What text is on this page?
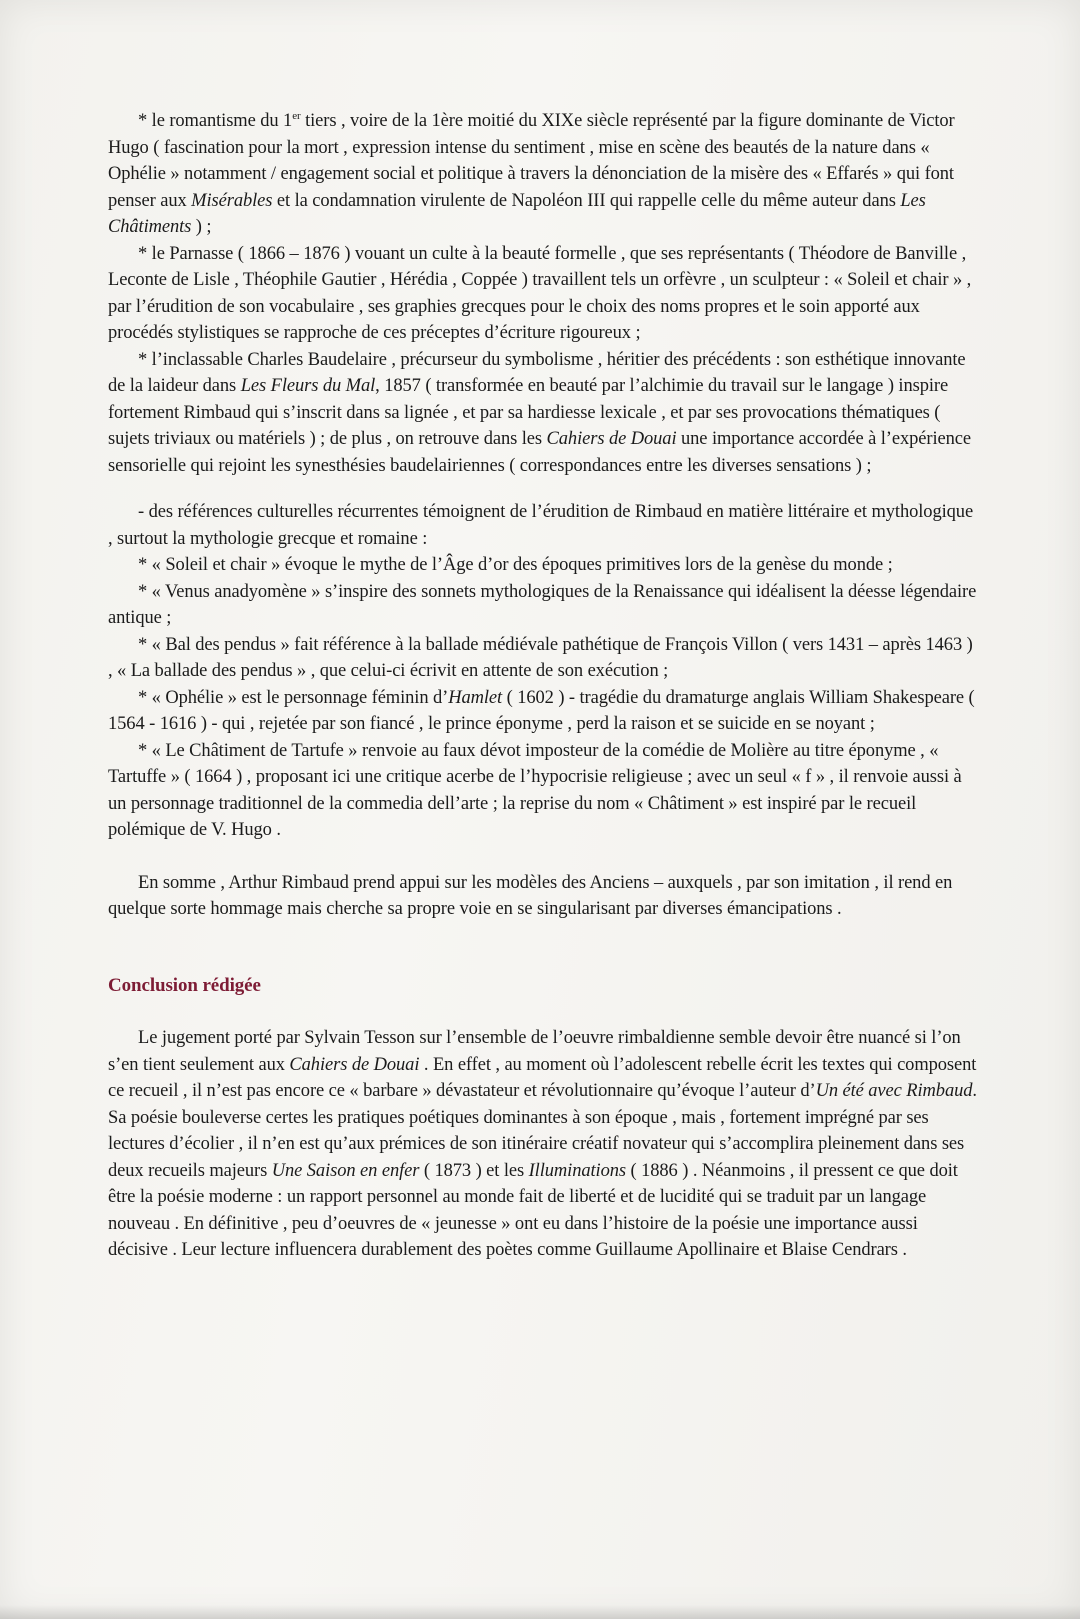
* le romantisme du 1er tiers , voire de la 1ère moitié du XIXe siècle représenté par la figure dominante de Victor Hugo ( fascination pour la mort , expression intense du sentiment , mise en scène des beautés de la nature dans « Ophélie » notamment / engagement social et politique à travers la dénonciation de la misère des « Effarés » qui font penser aux Misérables et la condamnation virulente de Napoléon III qui rappelle celle du même auteur dans Les Châtiments ) ;

* le Parnasse ( 1866 – 1876 ) vouant un culte à la beauté formelle , que ses représentants ( Théodore de Banville , Leconte de Lisle , Théophile Gautier , Hérédia , Coppée ) travaillent tels un orfèvre , un sculpteur : « Soleil et chair » , par l’érudition de son vocabulaire , ses graphies grecques pour le choix des noms propres et le soin apporté aux procédés stylistiques se rapproche de ces préceptes d’écriture rigoureux ;

* l’inclassable Charles Baudelaire , précurseur du symbolisme , héritier des précédents : son esthétique innovante de la laideur dans Les Fleurs du Mal, 1857 ( transformée en beauté par l’alchimie du travail sur le langage ) inspire fortement Rimbaud qui s’inscrit dans sa lignée , et par sa hardiesse lexicale , et par ses provocations thématiques ( sujets triviaux ou matériels ) ; de plus , on retrouve dans les Cahiers de Douai une importance accordée à l’expérience sensorielle qui rejoint les synesthésies baudelairiennes ( correspondances entre les diverses sensations ) ;

- des références culturelles récurrentes témoignent de l’érudition de Rimbaud en matière littéraire et mythologique , surtout la mythologie grecque et romaine :

* « Soleil et chair » évoque le mythe de l’Âge d’or des époques primitives lors de la genèse du monde ;

* « Venus anadyomène » s’inspire des sonnets mythologiques de la Renaissance qui idéalisent la déesse légendaire antique ;

* « Bal des pendus » fait référence à la ballade médiévale pathétique de François Villon ( vers 1431 – après 1463 ) , « La ballade des pendus » , que celui-ci écrivit en attente de son exécution ;

* « Ophélie » est le personnage féminin d’Hamlet ( 1602 ) - tragédie du dramaturge anglais William Shakespeare ( 1564 - 1616 ) - qui , rejetée par son fiancé , le prince éponyme , perd la raison et se suicide en se noyant ;

* « Le Châtiment de Tartufe » renvoie au faux dévot imposteur de la comédie de Molière au titre éponyme , « Tartuffe » ( 1664 ) , proposant ici une critique acerbe de l’hypocrisie religieuse ; avec un seul « f » , il renvoie aussi à un personnage traditionnel de la commedia dell’arte ; la reprise du nom « Châtiment » est inspiré par le recueil polémique de V. Hugo .

En somme , Arthur Rimbaud prend appui sur les modèles des Anciens – auxquels , par son imitation , il rend en quelque sorte hommage mais cherche sa propre voie en se singularisant par diverses émancipations .

Conclusion rédigée

Le jugement porté par Sylvain Tesson sur l’ensemble de l’oeuvre rimbaldienne semble devoir être nuancé si l’on s’en tient seulement aux Cahiers de Douai . En effet , au moment où l’adolescent rebelle écrit les textes qui composent ce recueil , il n’est pas encore ce « barbare » dévastateur et révolutionnaire qu’évoque l’auteur d’Un été avec Rimbaud. Sa poésie bouleverse certes les pratiques poétiques dominantes à son époque , mais , fortement imprégné par ses lectures d’écolier , il n’en est qu’aux prémices de son itinéraire créatif novateur qui s’accomplira pleinement dans ses deux recueils majeurs Une Saison en enfer ( 1873 ) et les Illuminations ( 1886 ) . Néanmoins , il pressent ce que doit être la poésie moderne : un rapport personnel au monde fait de liberté et de lucidité qui se traduit par un langage nouveau . En définitive , peu d’oeuvres de « jeunesse » ont eu dans l’histoire de la poésie une importance aussi décisive . Leur lecture influencera durablement des poètes comme Guillaume Apollinaire et Blaise Cendrars .
